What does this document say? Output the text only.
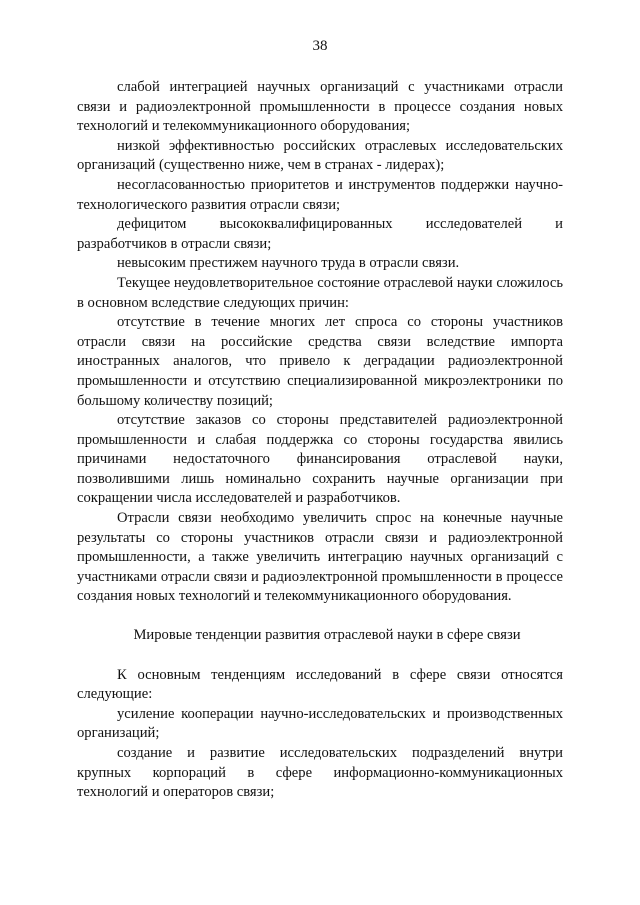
38

слабой интеграцией научных организаций с участниками отрасли связи и радиоэлектронной промышленности в процессе создания новых технологий и телекоммуникационного оборудования;

низкой эффективностью российских отраслевых исследовательских организаций (существенно ниже, чем в странах - лидерах);

несогласованностью приоритетов и инструментов поддержки научно-технологического развития отрасли связи;

дефицитом высококвалифицированных исследователей и разработчиков в отрасли связи;

невысоким престижем научного труда в отрасли связи.

Текущее неудовлетворительное состояние отраслевой науки сложилось в основном вследствие следующих причин:

отсутствие в течение многих лет спроса со стороны участников отрасли связи на российские средства связи вследствие импорта иностранных аналогов, что привело к деградации радиоэлектронной промышленности и отсутствию специализированной микроэлектроники по большому количеству позиций;

отсутствие заказов со стороны представителей радиоэлектронной промышленности и слабая поддержка со стороны государства явились причинами недостаточного финансирования отраслевой науки, позволившими лишь номинально сохранить научные организации при сокращении числа исследователей и разработчиков.

Отрасли связи необходимо увеличить спрос на конечные научные результаты со стороны участников отрасли связи и радиоэлектронной промышленности, а также увеличить интеграцию научных организаций с участниками отрасли связи и радиоэлектронной промышленности в процессе создания новых технологий и телекоммуникационного оборудования.

Мировые тенденции развития отраслевой науки в сфере связи

К основным тенденциям исследований в сфере связи относятся следующие:

усиление кооперации научно-исследовательских и производственных организаций;

создание и развитие исследовательских подразделений внутри крупных корпораций в сфере информационно-коммуникационных технологий и операторов связи;
